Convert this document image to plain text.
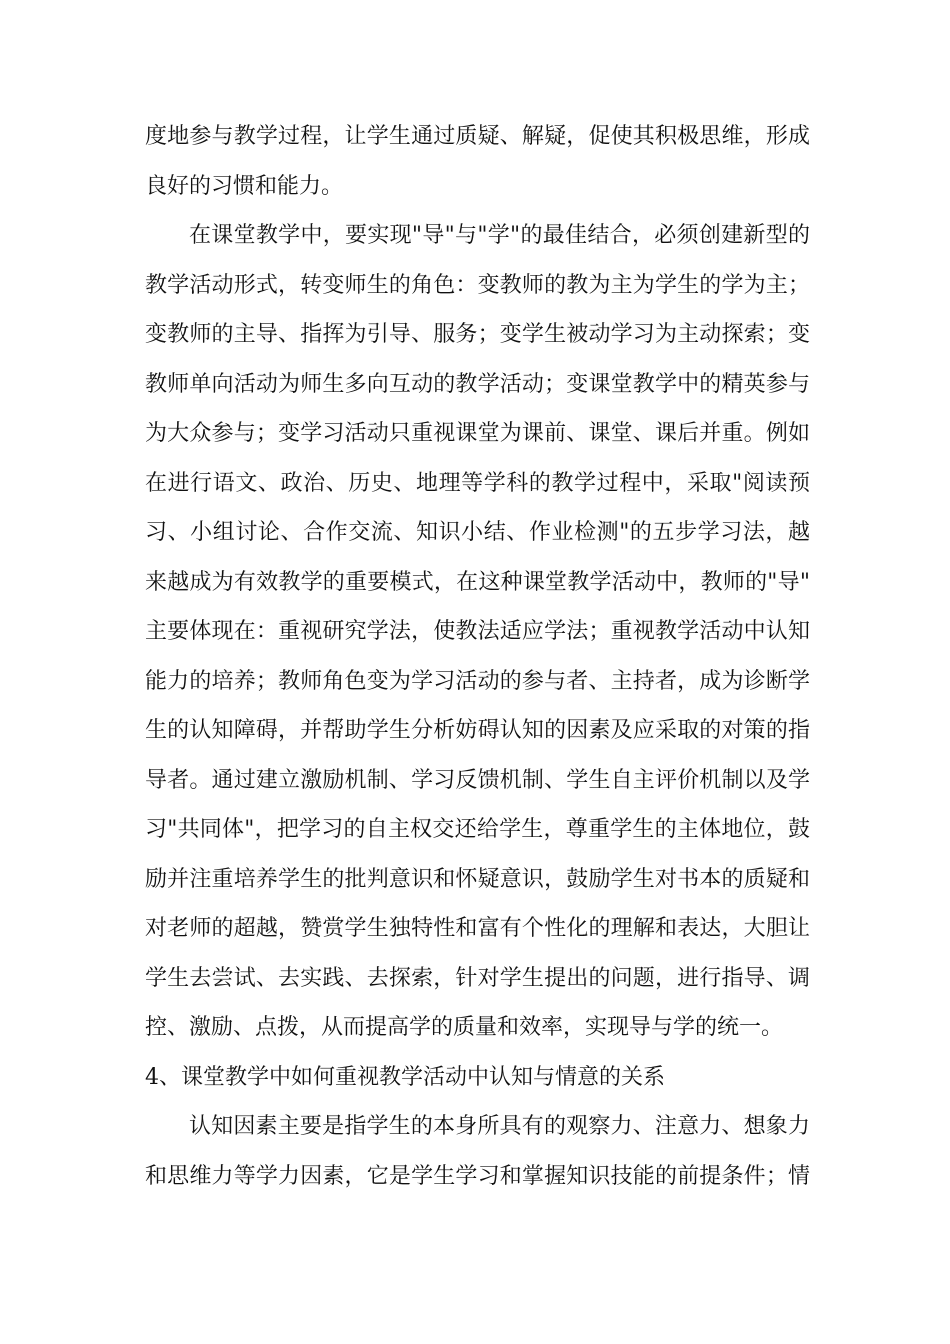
度地参与教学过程，让学生通过质疑、解疑，促使其积极思维，形成
良好的习惯和能力。
在课堂教学中，要实现"导"与"学"的最佳结合，必须创建新型的
教学活动形式，转变师生的角色：变教师的教为主为学生的学为主；
变教师的主导、指挥为引导、服务；变学生被动学习为主动探索；变
教师单向活动为师生多向互动的教学活动；变课堂教学中的精英参与
为大众参与；变学习活动只重视课堂为课前、课堂、课后并重。例如
在进行语文、政治、历史、地理等学科的教学过程中，采取"阅读预
习、小组讨论、合作交流、知识小结、作业检测"的五步学习法，越
来越成为有效教学的重要模式，在这种课堂教学活动中，教师的"导"
主要体现在：重视研究学法，使教法适应学法；重视教学活动中认知
能力的培养；教师角色变为学习活动的参与者、主持者，成为诊断学
生的认知障碍，并帮助学生分析妨碍认知的因素及应采取的对策的指
导者。通过建立激励机制、学习反馈机制、学生自主评价机制以及学
习"共同体"，把学习的自主权交还给学生，尊重学生的主体地位，鼓
励并注重培养学生的批判意识和怀疑意识，鼓励学生对书本的质疑和
对老师的超越，赞赏学生独特性和富有个性化的理解和表达，大胆让
学生去尝试、去实践、去探索，针对学生提出的问题，进行指导、调
控、激励、点拨，从而提高学的质量和效率，实现导与学的统一。
4、课堂教学中如何重视教学活动中认知与情意的关系
认知因素主要是指学生的本身所具有的观察力、注意力、想象力
和思维力等学力因素，它是学生学习和掌握知识技能的前提条件；情
